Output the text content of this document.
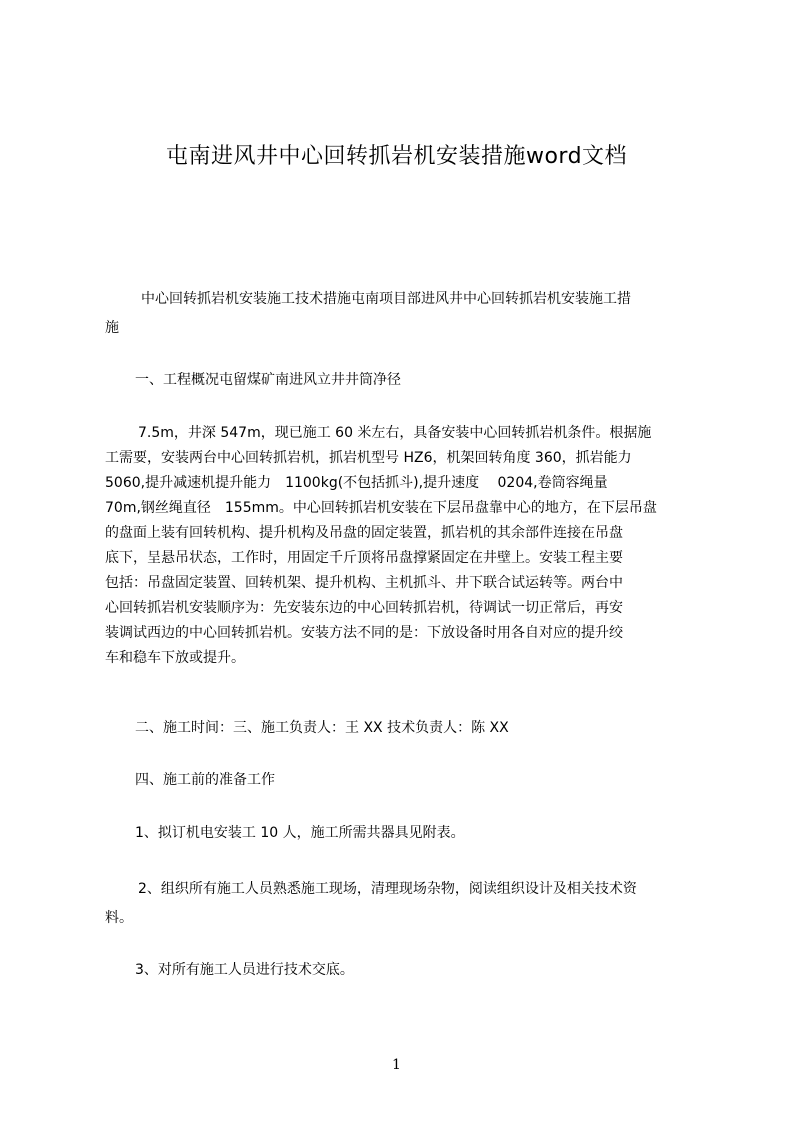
屯南进风井中心回转抓岩机安装措施word文档

中心回转抓岩机安装施工技术措施屯南项目部进风井中心回转抓岩机安装施工措
施

一、工程概况屯留煤矿南进风立井井筒净径

7.5m，井深 547m，现已施工 60 米左右，具备安装中心回转抓岩机条件。根据施
工需要，安装两台中心回转抓岩机，抓岩机型号 HZ6，机架回转角度 360，抓岩能力
5060,提升减速机提升能力　1100kg(不包括抓斗),提升速度　 0204,卷筒容绳量
70m,钢丝绳直径　155mm。中心回转抓岩机安装在下层吊盘靠中心的地方，在下层吊盘
的盘面上装有回转机构、提升机构及吊盘的固定装置，抓岩机的其余部件连接在吊盘
底下，呈悬吊状态，工作时，用固定千斤顶将吊盘撑紧固定在井壁上。安装工程主要
包括：吊盘固定装置、回转机架、提升机构、主机抓斗、井下联合试运转等。两台中
心回转抓岩机安装顺序为：先安装东边的中心回转抓岩机，待调试一切正常后，再安
装调试西边的中心回转抓岩机。安装方法不同的是：下放设备时用各自对应的提升绞
车和稳车下放或提升。

二、施工时间：三、施工负责人：王 XX 技术负责人：陈 XX

四、施工前的准备工作

1、拟订机电安装工 10 人，施工所需共器具见附表。

2、组织所有施工人员熟悉施工现场，清理现场杂物，阅读组织设计及相关技术资
料。

3、对所有施工人员进行技术交底。

1
